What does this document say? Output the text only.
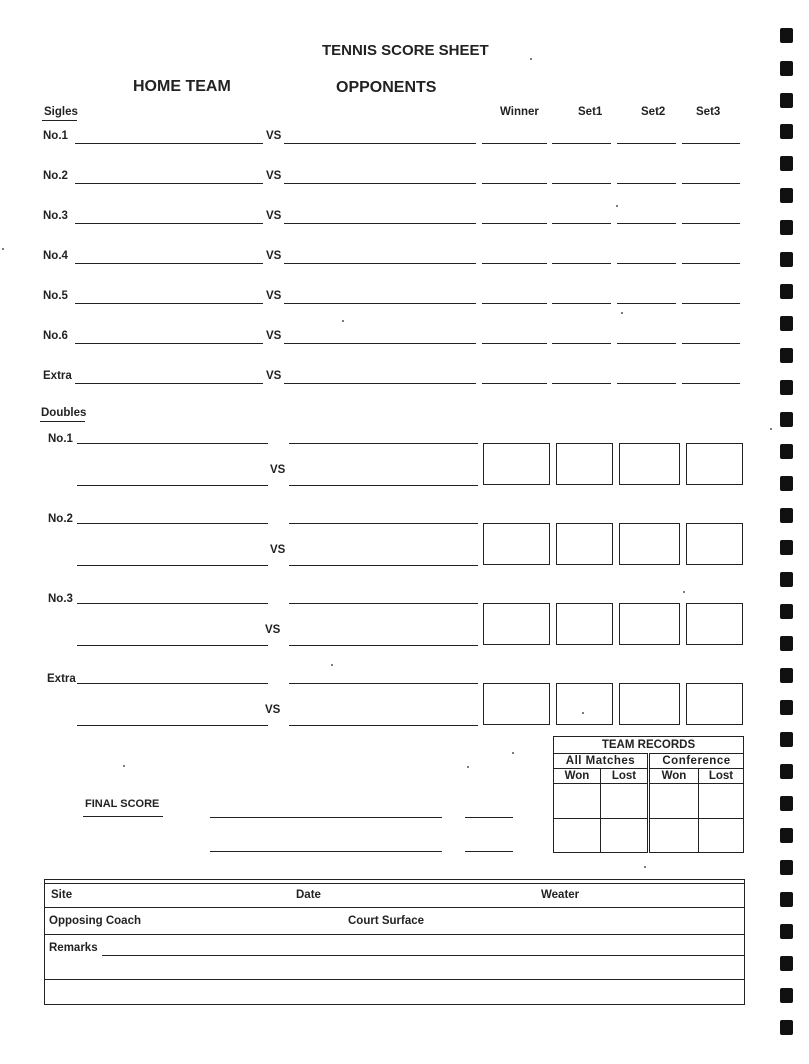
TENNIS SCORE SHEET
HOME TEAM	OPPONENTS
Sigles	Winner	Set1	Set2	Set3
No.1	VS
No.2	VS
No.3	VS
No.4	VS
No.5	VS
No.6	VS
Extra	VS
Doubles
No.1
VS
No.2
VS
No.3
VS
Extra
VS
TEAM RECORDS			
All Matches		Conference	
Won	Lost	Won	Lost

FINAL SCORE
Site	Date	Weater
Opposing Coach	Court Surface
Remarks
